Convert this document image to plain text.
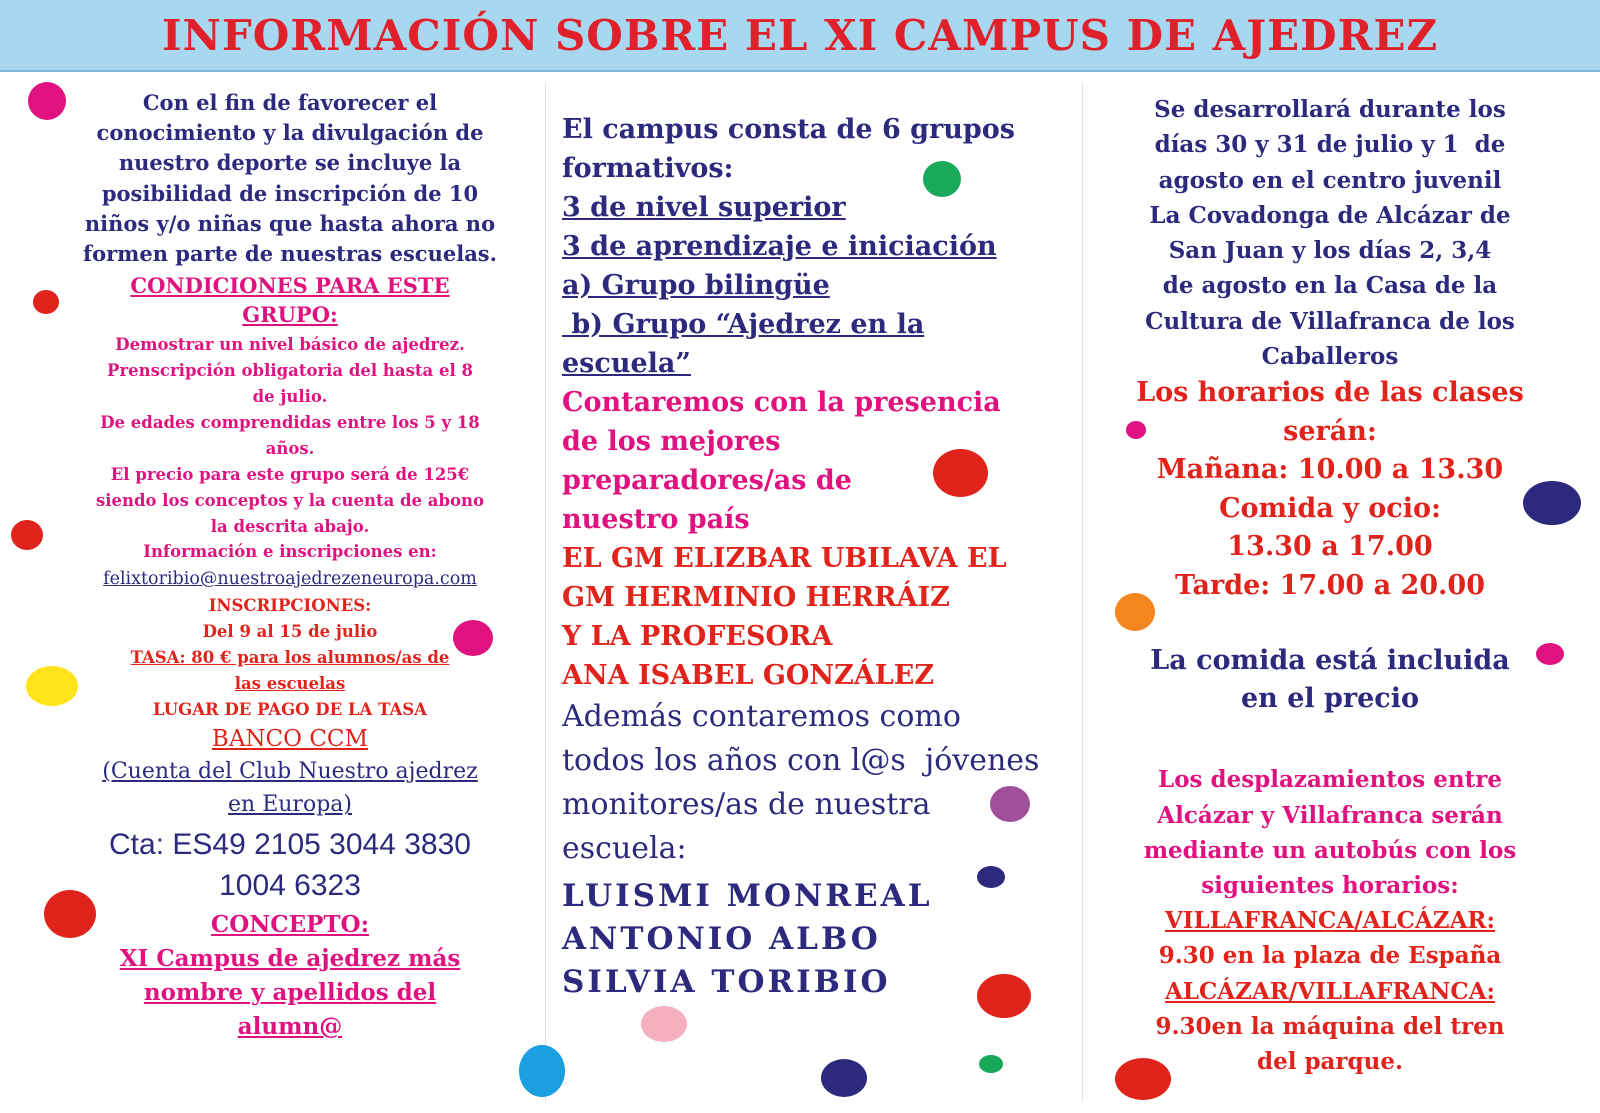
INFORMACIÓN SOBRE EL XI CAMPUS DE AJEDREZ

Con el fin de favorecer el

conocimiento y la divulgación de

nuestro deporte se incluye la

posibilidad de inscripción de 10

niños y/o niñas que hasta ahora no

formen parte de nuestras escuelas.

CONDICIONES PARA ESTE

GRUPO:

Demostrar un nivel básico de ajedrez.

Prenscripción obligatoria del hasta el 8

de julio.

De edades comprendidas entre los 5 y 18

años.

El precio para este grupo será de 125€

siendo los conceptos y la cuenta de abono

la descrita abajo.

Información e inscripciones en:

felixtoribio@nuestroajedrezeneuropa.com

INSCRIPCIONES:

Del 9 al 15 de julio

TASA: 80 € para los alumnos/as de

las escuelas

LUGAR DE PAGO DE LA TASA

BANCO CCM

(Cuenta del Club Nuestro ajedrez

en Europa)

Cta: ES49 2105 3044 3830

1004 6323

CONCEPTO:

XI Campus de ajedrez más

nombre y apellidos del

alumn@

El campus consta de 6 grupos

formativos:

3 de nivel superior

3 de aprendizaje e iniciación

a) Grupo bilingüe

b) Grupo “Ajedrez en la

escuela”

Contaremos con la presencia

de los mejores

preparadores/as de

nuestro país

EL GM ELIZBAR UBILAVA EL

GM HERMINIO HERRÁIZ

Y LA PROFESORA

ANA ISABEL GONZÁLEZ

Además contaremos como

todos los años con l@s  jóvenes

monitores/as de nuestra

escuela:

LUISMI MONREAL

ANTONIO ALBO

SILVIA TORIBIO

Se desarrollará durante los

días 30 y 31 de julio y 1  de

agosto en el centro juvenil

La Covadonga de Alcázar de

San Juan y los días 2, 3,4

de agosto en la Casa de la

Cultura de Villafranca de los

Caballeros

Los horarios de las clases

serán:

Mañana: 10.00 a 13.30

Comida y ocio:

13.30 a 17.00

Tarde: 17.00 a 20.00

La comida está incluida

en el precio

Los desplazamientos entre

Alcázar y Villafranca serán

mediante un autobús con los

siguientes horarios:

VILLAFRANCA/ALCÁZAR:

9.30 en la plaza de España

ALCÁZAR/VILLAFRANCA:

9.30en la máquina del tren

del parque.
